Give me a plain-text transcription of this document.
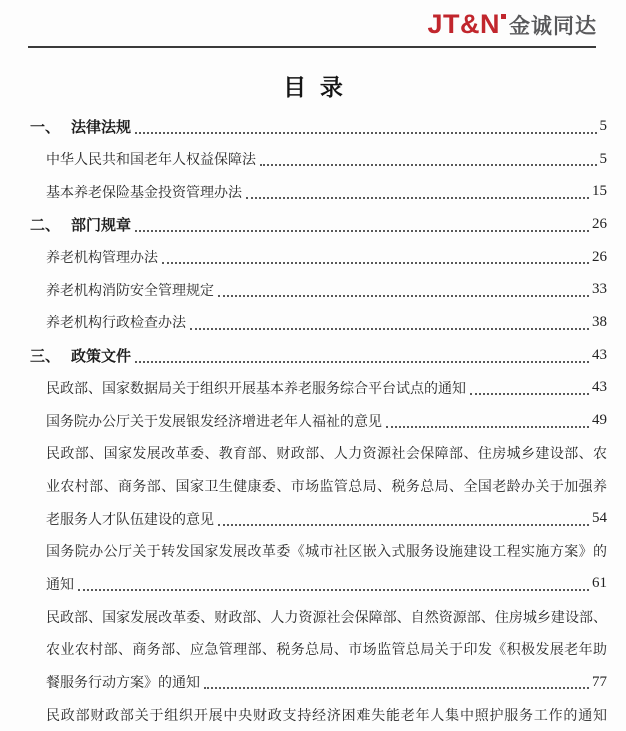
JT&N 金诚同达
目 录
一、 法律法规	5
中华人民共和国老年人权益保障法	5
基本养老保险基金投资管理办法	15
二、 部门规章	26
养老机构管理办法	26
养老机构消防安全管理规定	33
养老机构行政检查办法	38
三、 政策文件	43
民政部、国家数据局关于组织开展基本养老服务综合平台试点的通知	43
国务院办公厅关于发展银发经济增进老年人福祉的意见	49
民政部、国家发展改革委、教育部、财政部、人力资源社会保障部、住房城乡建设部、农
业农村部、商务部、国家卫生健康委、市场监管总局、税务总局、全国老龄办关于加强养
老服务人才队伍建设的意见	54
国务院办公厅关于转发国家发展改革委《城市社区嵌入式服务设施建设工程实施方案》的
通知	61
民政部、国家发展改革委、财政部、人力资源社会保障部、自然资源部、住房城乡建设部、
农业农村部、商务部、应急管理部、税务总局、市场监管总局关于印发《积极发展老年助
餐服务行动方案》的通知	77
民政部财政部关于组织开展中央财政支持经济困难失能老年人集中照护服务工作的通知
